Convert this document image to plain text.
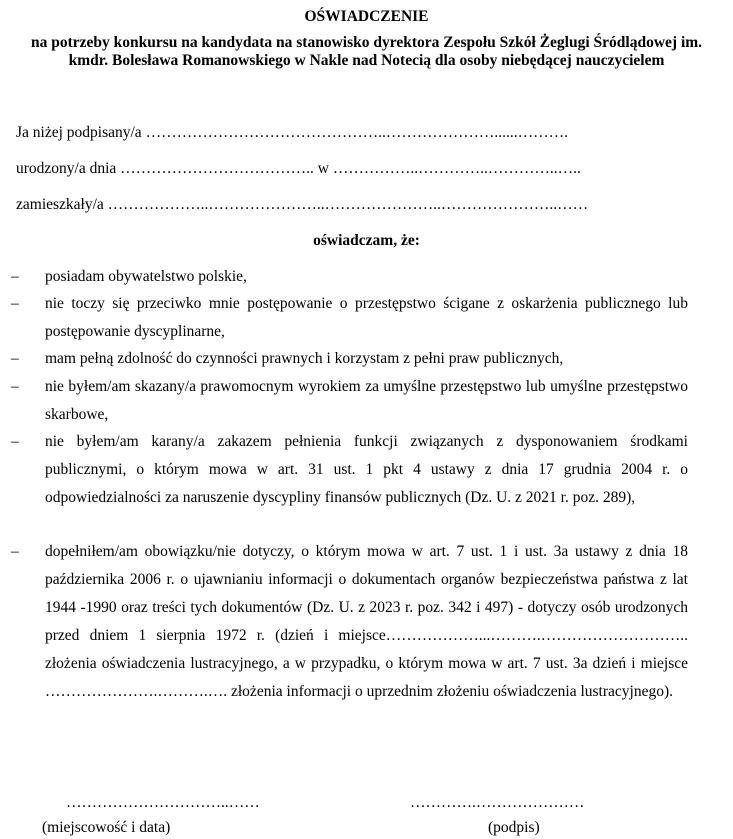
OŚWIADCZENIE

na potrzeby konkursu na kandydata na stanowisko dyrektora Zespołu Szkół Żeglugi Śródlądowej im. kmdr. Bolesława Romanowskiego w Nakle nad Notecią dla osoby niebędącej nauczycielem

Ja niżej podpisany/a ………………………………………..…………………......……….
urodzony/a dnia ……………………………….. w ……………..…………..…………..…..
zamieszkały/a ………………..…………………..…………………..…………………..……
oświadczam, że:
– posiadam obywatelstwo polskie,

– nie toczy się przeciwko mnie postępowanie o przestępstwo ścigane z oskarżenia publicznego lub postępowanie dyscyplinarne,

– mam pełną zdolność do czynności prawnych i korzystam z pełni praw publicznych,

– nie byłem/am skazany/a prawomocnym wyrokiem za umyślne przestępstwo lub umyślne przestępstwo skarbowe,

– nie byłem/am karany/a zakazem pełnienia funkcji związanych z dysponowaniem środkami publicznymi, o którym mowa w art. 31 ust. 1 pkt 4 ustawy z dnia 17 grudnia 2004 r. o odpowiedzialności za naruszenie dyscypliny finansów publicznych (Dz. U. z 2021 r. poz. 289),

– dopełniłem/am obowiązku/nie dotyczy, o którym mowa w art. 7 ust. 1 i ust. 3a ustawy z dnia 18 października 2006 r. o ujawnianiu informacji o dokumentach organów bezpieczeństwa państwa z lat 1944 -1990 oraz treści tych dokumentów (Dz. U. z 2023 r. poz. 342 i 497) - dotyczy osób urodzonych przed dniem 1 sierpnia 1972 r. (dzień i miejsce………………...……….……………………….. złożenia oświadczenia lustracyjnego, a w przypadku, o którym mowa w art. 7 ust. 3a dzień i miejsce ………………….……….…. złożenia informacji o uprzednim złożeniu oświadczenia lustracyjnego).

…………………………..……
(miejscowość i data)
………….…………………
(podpis)
